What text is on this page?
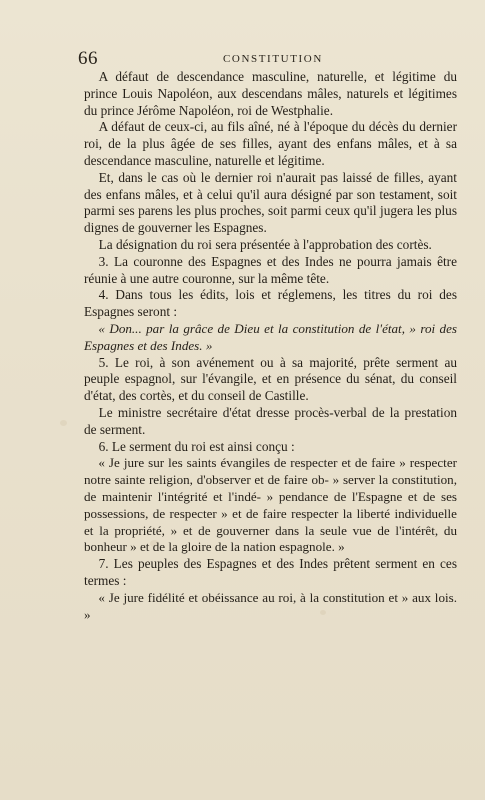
66	CONSTITUTION

A défaut de descendance masculine, naturelle, et légitime du prince Louis Napoléon, aux descendans mâles, naturels et légitimes du prince Jérôme Napoléon, roi de Westphalie.

A défaut de ceux-ci, au fils aîné, né à l'époque du décès du dernier roi, de la plus âgée de ses filles, ayant des enfans mâles, et à sa descendance masculine, naturelle et légitime.

Et, dans le cas où le dernier roi n'aurait pas laissé de filles, ayant des enfans mâles, et à celui qu'il aura désigné par son testament, soit parmi ses parens les plus proches, soit parmi ceux qu'il jugera les plus dignes de gouverner les Espagnes.

La désignation du roi sera présentée à l'approbation des cortès.

3. La couronne des Espagnes et des Indes ne pourra jamais être réunie à une autre couronne, sur la même tête.

4. Dans tous les édits, lois et réglemens, les titres du roi des Espagnes seront :

« Don... par la grâce de Dieu et la constitution de l'état, » roi des Espagnes et des Indes. »

5. Le roi, à son avénement ou à sa majorité, prête serment au peuple espagnol, sur l'évangile, et en présence du sénat, du conseil d'état, des cortès, et du conseil de Castille.

Le ministre secrétaire d'état dresse procès-verbal de la prestation de serment.

6. Le serment du roi est ainsi conçu :

« Je jure sur les saints évangiles de respecter et de faire » respecter notre sainte religion, d'observer et de faire ob- » server la constitution, de maintenir l'intégrité et l'indé- » pendance de l'Espagne et de ses possessions, de respecter » et de faire respecter la liberté individuelle et la propriété, » et de gouverner dans la seule vue de l'intérêt, du bonheur » et de la gloire de la nation espagnole. »

7. Les peuples des Espagnes et des Indes prêtent serment en ces termes :

« Je jure fidélité et obéissance au roi, à la constitution et » aux lois. »
